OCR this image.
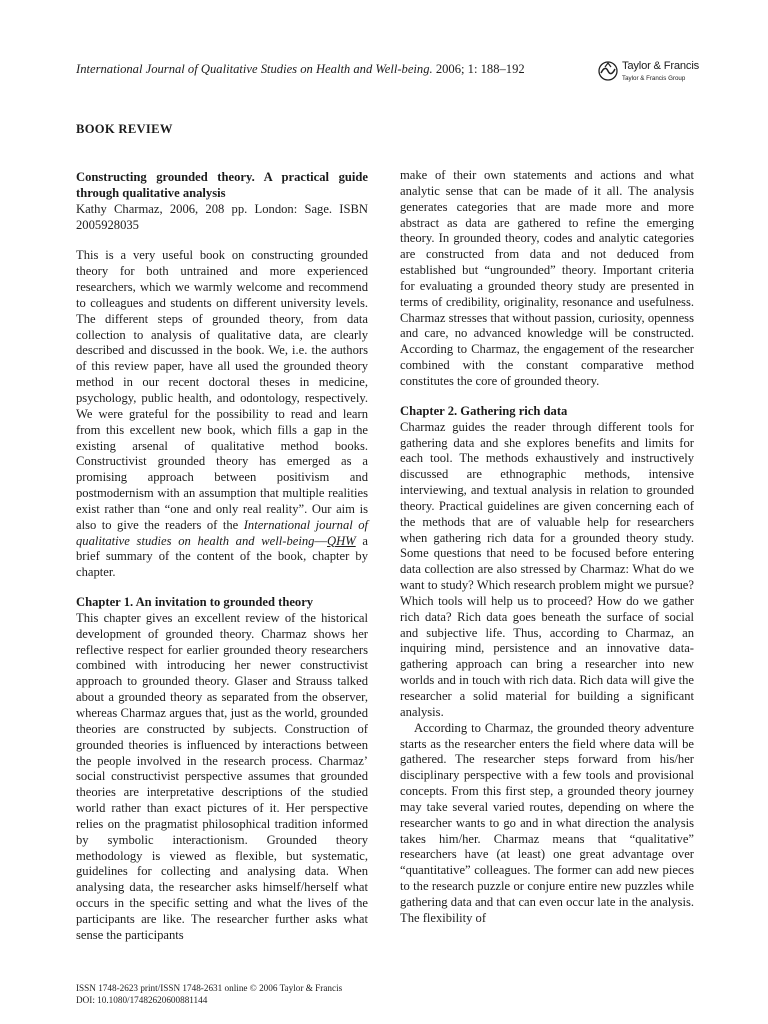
International Journal of Qualitative Studies on Health and Well-being. 2006; 1: 188–192	Taylor & Francis
Taylor & Francis Group
BOOK REVIEW

Constructing grounded theory. A practical guide through qualitative analysis

Kathy Charmaz, 2006, 208 pp. London: Sage. ISBN 2005928035

This is a very useful book on constructing grounded theory for both untrained and more experienced researchers, which we warmly welcome and recommend to colleagues and students on different university levels. The different steps of grounded theory, from data collection to analysis of qualitative data, are clearly described and discussed in the book. We, i.e. the authors of this review paper, have all used the grounded theory method in our recent doctoral theses in medicine, psychology, public health, and odontology, respectively. We were grateful for the possibility to read and learn from this excellent new book, which fills a gap in the existing arsenal of qualitative method books. Constructivist grounded theory has emerged as a promising approach between positivism and postmodernism with an assumption that multiple realities exist rather than “one and only real reality”. Our aim is also to give the readers of the International journal of qualitative studies on health and well-being—QHW a brief summary of the content of the book, chapter by chapter.

Chapter 1. An invitation to grounded theory

This chapter gives an excellent review of the historical development of grounded theory. Charmaz shows her reflective respect for earlier grounded theory researchers combined with introducing her newer constructivist approach to grounded theory. Glaser and Strauss talked about a grounded theory as separated from the observer, whereas Charmaz argues that, just as the world, grounded theories are constructed by subjects. Construction of grounded theories is influenced by interactions between the people involved in the research process. Charmaz’ social constructivist perspective assumes that grounded theories are interpretative descriptions of the studied world rather than exact pictures of it. Her perspective relies on the pragmatist philosophical tradition informed by symbolic interactionism. Grounded theory methodology is viewed as flexible, but systematic, guidelines for collecting and analysing data. When analysing data, the researcher asks himself/herself what occurs in the specific setting and what the lives of the participants are like. The researcher further asks what sense the participants

make of their own statements and actions and what analytic sense that can be made of it all. The analysis generates categories that are made more and more abstract as data are gathered to refine the emerging theory. In grounded theory, codes and analytic categories are constructed from data and not deduced from established but “ungrounded” theory. Important criteria for evaluating a grounded theory study are presented in terms of credibility, originality, resonance and usefulness. Charmaz stresses that without passion, curiosity, openness and care, no advanced knowledge will be constructed. According to Charmaz, the engagement of the researcher combined with the constant comparative method constitutes the core of grounded theory.

Chapter 2. Gathering rich data

Charmaz guides the reader through different tools for gathering data and she explores benefits and limits for each tool. The methods exhaustively and instructively discussed are ethnographic methods, intensive interviewing, and textual analysis in relation to grounded theory. Practical guidelines are given concerning each of the methods that are of valuable help for researchers when gathering rich data for a grounded theory study. Some questions that need to be focused before entering data collection are also stressed by Charmaz: What do we want to study? Which research problem might we pursue? Which tools will help us to proceed? How do we gather rich data? Rich data goes beneath the surface of social and subjective life. Thus, according to Charmaz, an inquiring mind, persistence and an innovative data-gathering approach can bring a researcher into new worlds and in touch with rich data. Rich data will give the researcher a solid material for building a significant analysis.

According to Charmaz, the grounded theory adventure starts as the researcher enters the field where data will be gathered. The researcher steps forward from his/her disciplinary perspective with a few tools and provisional concepts. From this first step, a grounded theory journey may take several varied routes, depending on where the researcher wants to go and in what direction the analysis takes him/her. Charmaz means that “qualitative” researchers have (at least) one great advantage over “quantitative” colleagues. The former can add new pieces to the research puzzle or conjure entire new puzzles while gathering data and that can even occur late in the analysis. The flexibility of

ISSN 1748-2623 print/ISSN 1748-2631 online © 2006 Taylor & Francis
DOI: 10.1080/17482620600881144
